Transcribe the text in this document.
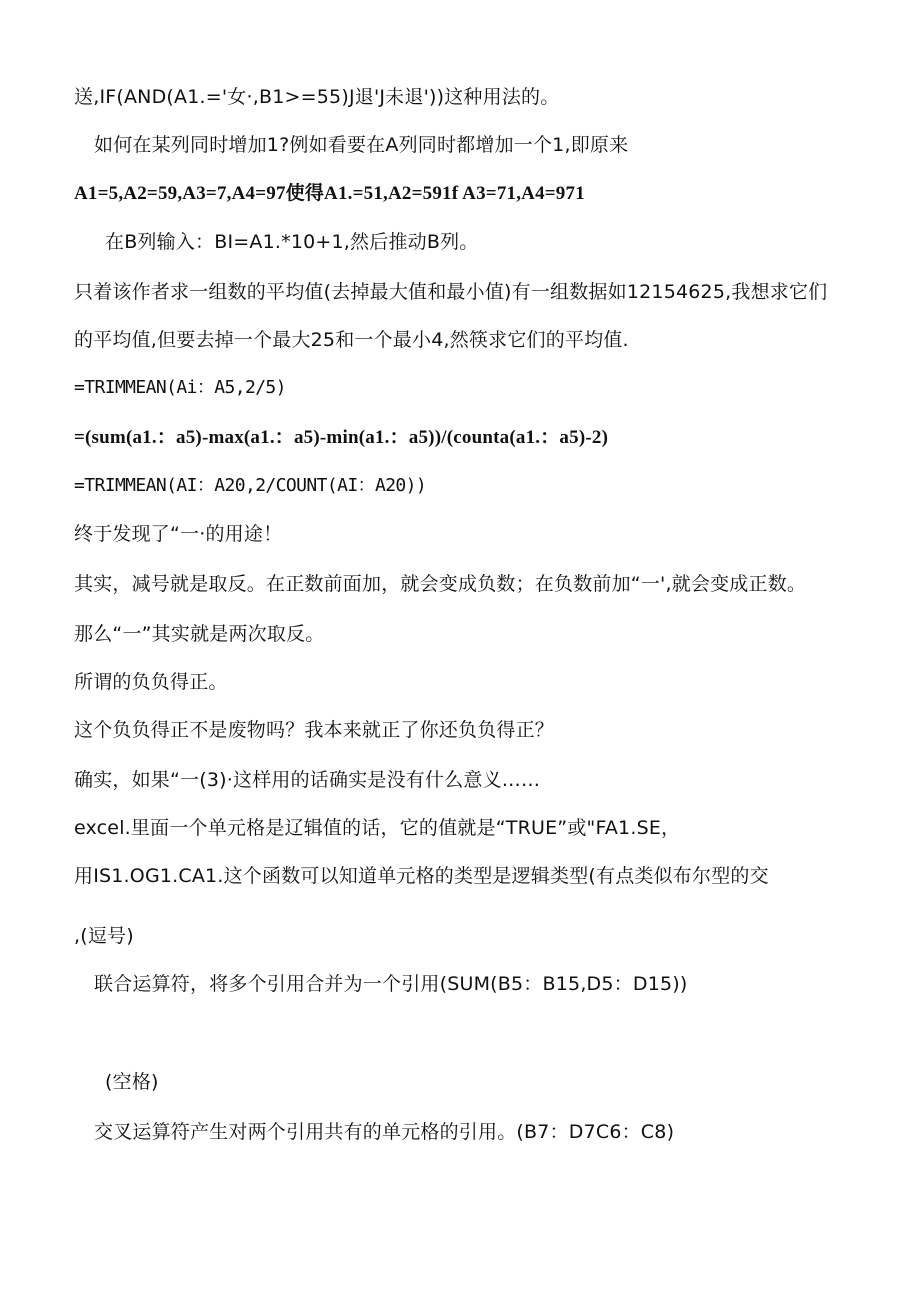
送,IF(AND(A1.='女·,B1>=55)J退'J未退'))这种用法的。
如何在某列同时增加1?例如看要在A列同时都增加一个1,即原来
A1=5,A2=59,A3=7,A4=97使得A1.=51,A2=591f A3=71,A4=971
在B列输入：BI=A1.*10+1,然后推动B列。
只着该作者求一组数的平均值(去掉最大值和最小值)有一组数据如12154625,我想求它们
的平均值,但要去掉一个最大25和一个最小4,然筷求它们的平均值.
=TRIMMEAN(Ai：A5,2/5)
=(sum(a1.：a5)-max(a1.：a5)-min(a1.：a5))/(counta(a1.：a5)-2)
=TRIMMEAN(AI：A20,2/COUNT(AI：A20))
终于发现了“一·的用途！
其实，减号就是取反。在正数前面加，就会变成负数；在负数前加“一',就会变成正数。
那么“一”其实就是两次取反。
所谓的负负得正。
这个负负得正不是废物吗？我本来就正了你还负负得正？
确实，如果“一(3)·这样用的话确实是没有什么意义……
excel.里面一个单元格是辽辑值的话，它的值就是“TRUE”或"FA1.SE，
用IS1.OG1.CA1.这个函数可以知道单元格的类型是逻辑类型(有点类似布尔型的交
,(逗号)
联合运算符，将多个引用合并为一个引用(SUM(B5：B15,D5：D15))
(空格)
交叉运算符产生对两个引用共有的单元格的引用。(B7：D7C6：C8)
